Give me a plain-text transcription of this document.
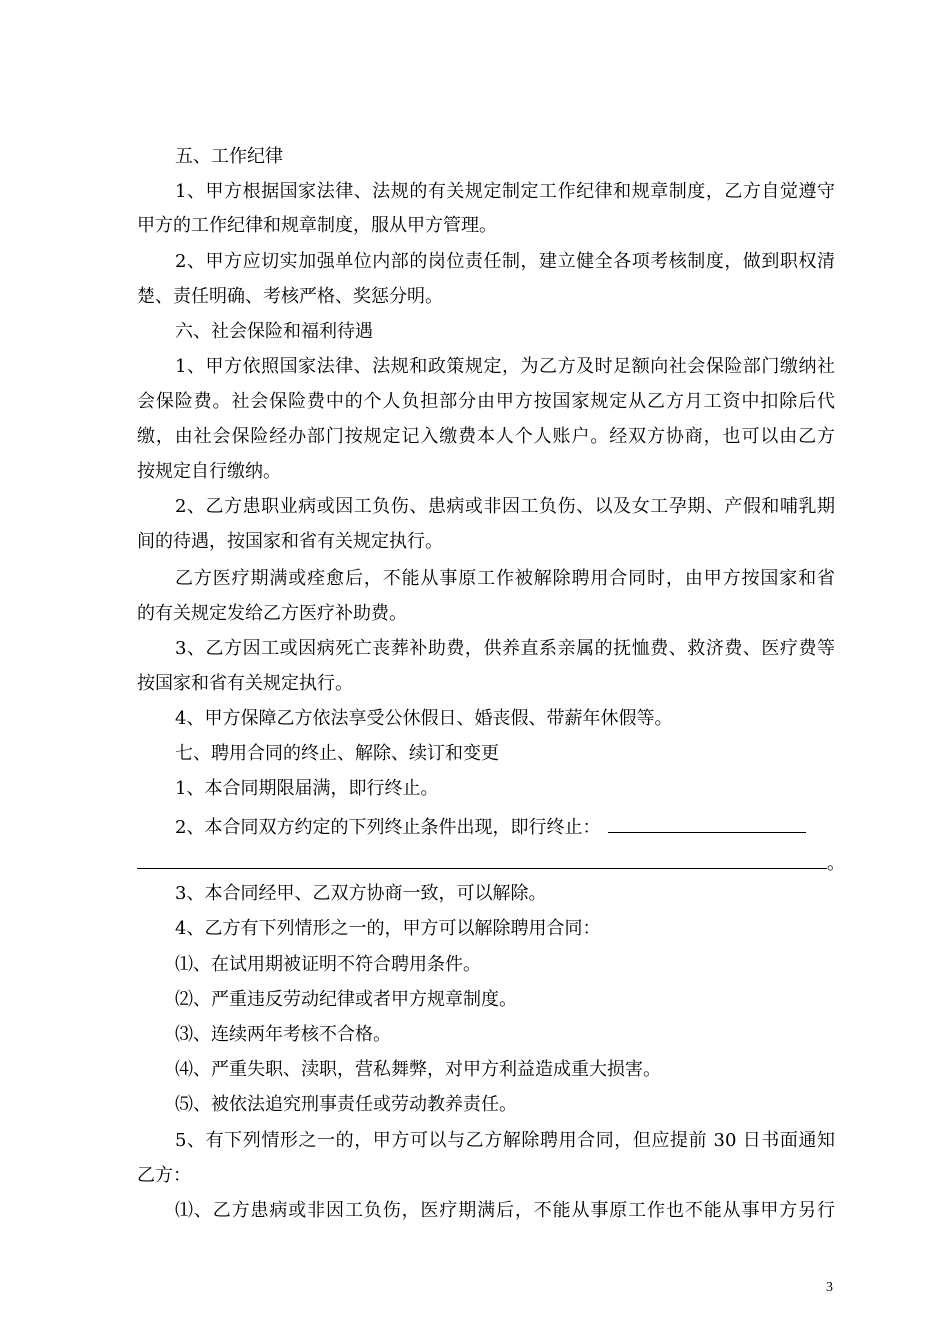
五、工作纪律
1、甲方根据国家法律、法规的有关规定制定工作纪律和规章制度，乙方自觉遵守
甲方的工作纪律和规章制度，服从甲方管理。
2、甲方应切实加强单位内部的岗位责任制，建立健全各项考核制度，做到职权清
楚、责任明确、考核严格、奖惩分明。
六、社会保险和福利待遇
1、甲方依照国家法律、法规和政策规定，为乙方及时足额向社会保险部门缴纳社
会保险费。社会保险费中的个人负担部分由甲方按国家规定从乙方月工资中扣除后代
缴，由社会保险经办部门按规定记入缴费本人个人账户。经双方协商，也可以由乙方
按规定自行缴纳。
2、乙方患职业病或因工负伤、患病或非因工负伤、以及女工孕期、产假和哺乳期
间的待遇，按国家和省有关规定执行。
乙方医疗期满或痊愈后，不能从事原工作被解除聘用合同时，由甲方按国家和省
的有关规定发给乙方医疗补助费。
3、乙方因工或因病死亡丧葬补助费，供养直系亲属的抚恤费、救济费、医疗费等
按国家和省有关规定执行。
4、甲方保障乙方依法享受公休假日、婚丧假、带薪年休假等。
七、聘用合同的终止、解除、续订和变更
1、本合同期限届满，即行终止。
2、本合同双方约定的下列终止条件出现，即行终止：
。
3、本合同经甲、乙双方协商一致，可以解除。
4、乙方有下列情形之一的，甲方可以解除聘用合同：
⑴、在试用期被证明不符合聘用条件。
⑵、严重违反劳动纪律或者甲方规章制度。
⑶、连续两年考核不合格。
⑷、严重失职、渎职，营私舞弊，对甲方利益造成重大损害。
⑸、被依法追究刑事责任或劳动教养责任。
5、有下列情形之一的，甲方可以与乙方解除聘用合同，但应提前 30 日书面通知
乙方：
⑴、乙方患病或非因工负伤，医疗期满后，不能从事原工作也不能从事甲方另行
3
